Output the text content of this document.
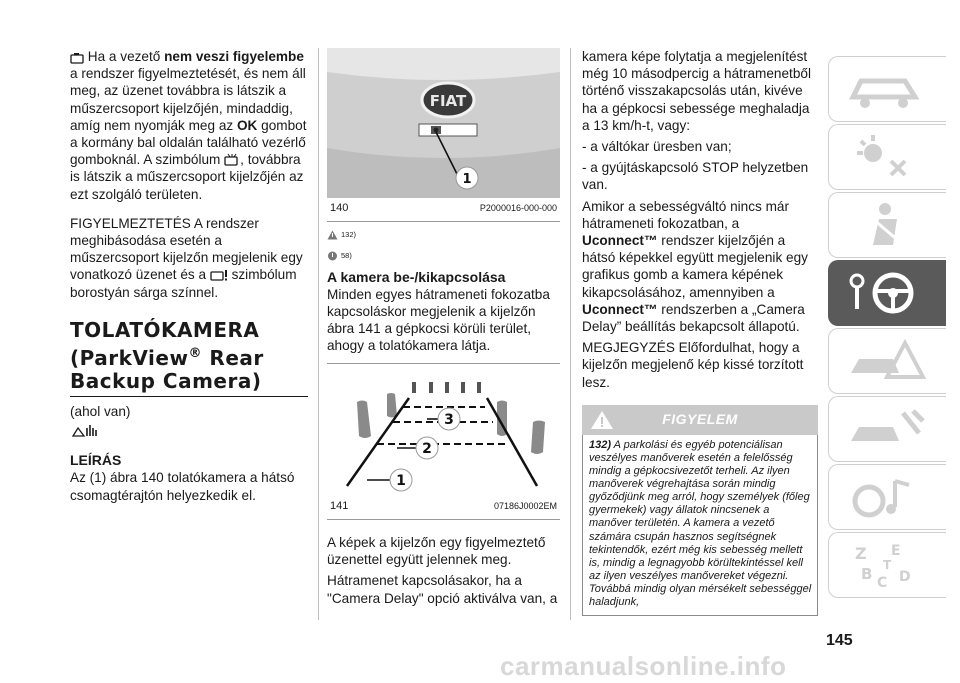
Ha a vezető nem veszi figyelembe a rendszer figyelmeztetését, és nem áll meg, az üzenet továbbra is látszik a műszercsoport kijelzőjén, mindaddig, amíg nem nyomják meg az OK gombot a kormány bal oldalán található vezérlő gomboknál. A szimbólum , továbbra is látszik a műszercsoport kijelzőjén az ezt szolgáló területen.

FIGYELMEZTETÉS A rendszer meghibásodása esetén a műszercsoport kijelzőn megjelenik egy vonatkozó üzenet és a  szimbólum borostyán sárga színnel.

TOLATÓKAMERA
(ParkView® Rear
Backup Camera)

(ahol van)

LEÍRÁS

Az (1) ábra 140 tolatókamera a hátsó csomagtérajtón helyezkedik el.

FIAT
1
140	P2000016-000-000
132)
58)
A kamera be-/kikapcsolása

Minden egyes hátrameneti fokozatba kapcsoláskor megjelenik a kijelzőn ábra 141 a gépkocsi körüli terület, ahogy a tolatókamera látja.

1
2
3
141	07186J0002EM

A képek a kijelzőn egy figyelmeztető üzenettel együtt jelennek meg.

Hátramenet kapcsolásakor, ha a "Camera Delay" opció aktiválva van, a

kamera képe folytatja a megjelenítést még 10 másodpercig a hátramenetből történő visszakapcsolás után, kivéve ha a gépkocsi sebessége meghaladja a 13 km/h-t, vagy:

- a váltókar üresben van;

- a gyújtáskapcsoló STOP helyzetben van.

Amikor a sebességváltó nincs már hátrameneti fokozatban, a Uconnect™ rendszer kijelzőjén a hátsó képekkel együtt megjelenik egy grafikus gomb a kamera képének kikapcsolásához, amennyiben a Uconnect™ rendszerben a „Camera Delay” beállítás bekapcsolt állapotú.

MEGJEGYZÉS Előfordulhat, hogy a kijelzőn megjelenő kép kissé torzított lesz.

FIGYELEM
132) A parkolási és egyéb potenciálisan veszélyes manőverek esetén a felelősség mindig a gépkocsivezetőt terheli. Az ilyen manőverek végrehajtása során mindig győződjünk meg arról, hogy személyek (főleg gyermekek) vagy állatok nincsenek a manőver területén. A kamera a vezető számára csupán hasznos segítségnek tekintendők, ezért még kis sebesség mellett is, mindig a legnagyobb körültekintéssel kell az ilyen veszélyes manővereket végezni. Továbbá mindig olyan mérsékelt sebességgel haladjunk,
Z E
B C D
T
145
carmanualsonline.info
